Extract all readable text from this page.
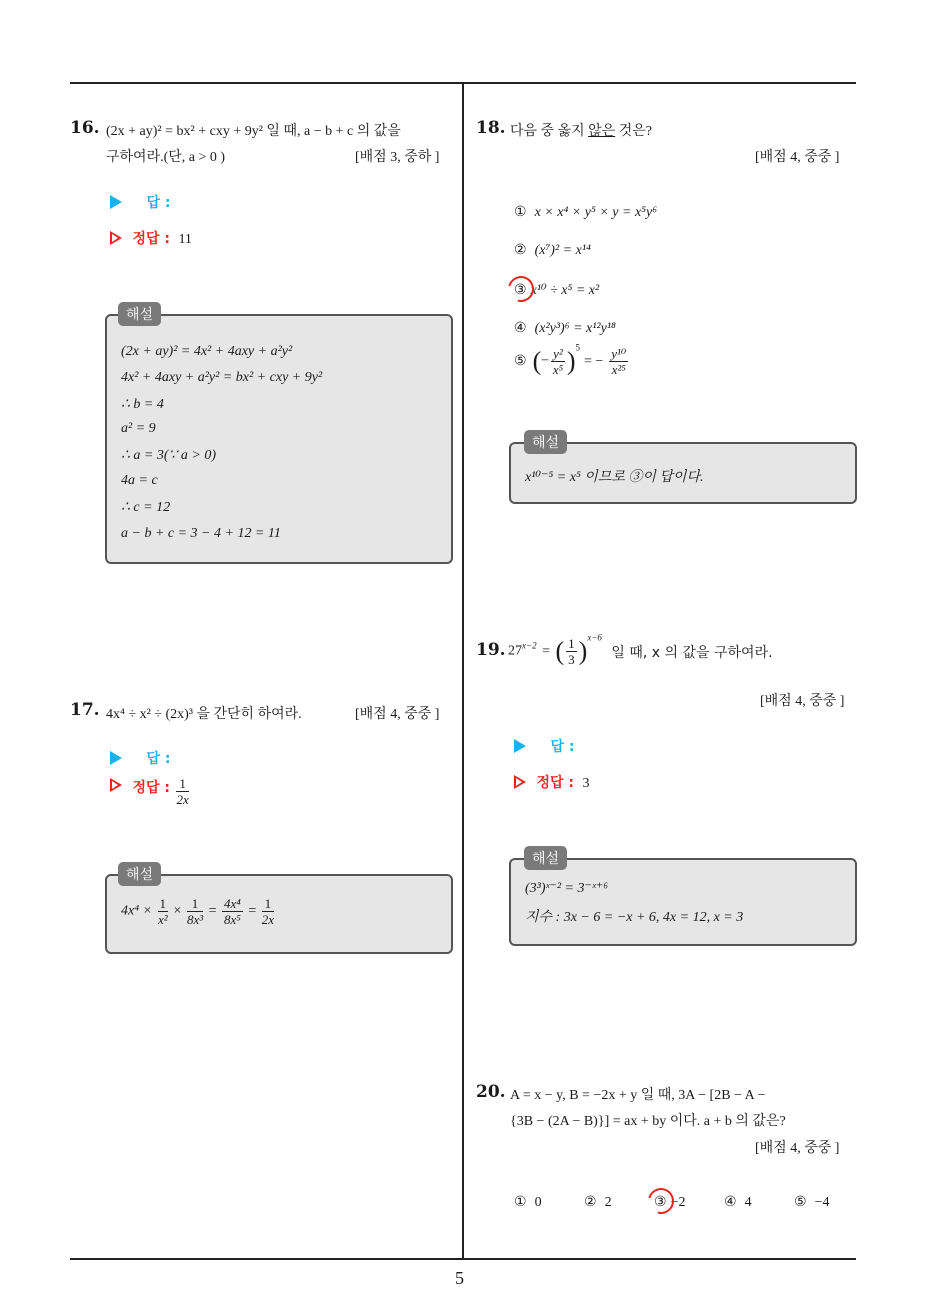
5
16. (2x + ay)² = bx² + cxy + 9y² 일 때, a − b + c 의 값을
구하여라.(단, a > 0 )	[배점 3, 중하 ]
답 :
정답 : 11
(2x + ay)² = 4x² + 4axy + a²y²
4x² + 4axy + a²y² = bx² + cxy + 9y²
∴ b = 4
a² = 9
∴ a = 3(∵ a > 0)
4a = c
∴ c = 12
a − b + c = 3 − 4 + 12 = 11
해설
17. 4x⁴ ÷ x² ÷ (2x)³ 을 간단히 하여라.	[배점 4, 중중 ]
답 :
정답 : $\frac{1}{2x}$
$4x^4 \times \frac{1}{\text{x²}} \times \frac{1}{\text{8x³}} = \frac{\text{4x⁴}}{\text{8x⁵}} = \frac{1}{2x}$
해설
18. 다음 중 옳지 않은 것은?
[배점 4, 중중 ]
① x × x⁴ × y⁵ × y = x⁵y⁶
② (x⁷)² = x¹⁴
③ x¹⁰ ÷ x⁵ = x²
④ (x²y³)⁶ = x¹²y¹⁸
⑤ (− $\frac{\text{y²}}{\text{x⁵}} )^5= - \frac{\text{y¹⁰}}{\text{x²⁵}}$
x¹⁰⁻⁵ = x⁵ 이므로 ③이 답이다.
해설
19. $27^{x-2}$ = ( $\frac{1}{3} )^{x-6}$ 일 때, x 의 값을 구하여라.
[배점 4, 중중 ]
답 :
정답 : 3
(3³)ˣ⁻² = 3⁻ˣ⁺⁶
지수 : 3x − 6 = −x + 6, 4x = 12, x = 3
해설
20. A = x − y, B = −2x + y 일 때, 3A − [2B − A −
{3B − (2A − B)}] = ax + by 이다. a + b 의 값은?
[배점 4, 중중 ]
① 0	② 2	③ −2	④ 4	⑤ −4
